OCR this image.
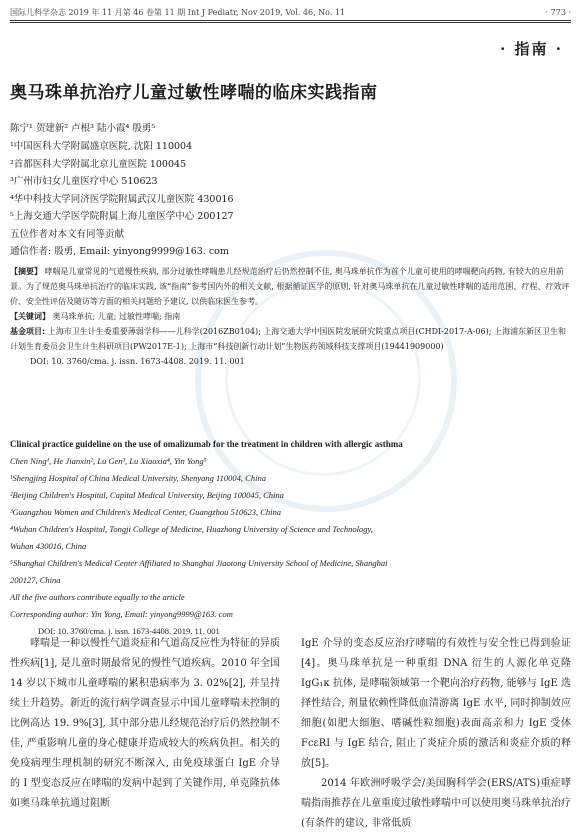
国际儿科学杂志 2019 年 11 月第 46 卷第 11 期 Int J Pediatr, Nov 2019, Vol. 46, No. 11	· 773 ·
· 指南 ·
奥马珠单抗治疗儿童过敏性哮喘的临床实践指南
陈宁¹ 贺建新² 卢根³ 陆小霞⁴ 殷勇⁵
¹中国医科大学附属盛京医院, 沈阳 110004
²首都医科大学附属北京儿童医院 100045
³广州市妇女儿童医疗中心 510623
⁴华中科技大学同济医学院附属武汉儿童医院 430016
⁵上海交通大学医学院附属上海儿童医学中心 200127
五位作者对本文有同等贡献
通信作者: 殷勇, Email: yinyong9999@163. com
【摘要】 哮喘是儿童常见的气道慢性疾病, 部分过敏性哮喘患儿经规范治疗后仍然控制不佳, 奥马珠单抗作为首个儿童可使用的哮喘靶向药物, 有较大的应用前景。为了规范奥马珠单抗治疗的临床实践, 该“指南”参考国内外的相关文献, 根据循证医学的原则, 针对奥马珠单抗在儿童过敏性哮喘的适用范围、疗程、疗效评价、安全性评估及随访等方面的相关问题给予建议, 以供临床医生参考。
【关键词】 奥马珠单抗; 儿童; 过敏性哮喘; 指南
基金项目: 上海市卫生计生委重要薄弱学科——儿科学(2016ZB0104); 上海交通大学中国医院发展研究院重点项目(CHDI-2017-A-06); 上海浦东新区卫生和计划生育委员会卫生计生科研项目(PW2017E-1); 上海市“科技创新行动计划”生物医药领域科技支撑项目(19441909000)
DOI: 10. 3760/cma. j. issn. 1673-4408. 2019. 11. 001
Clinical practice guideline on the use of omalizumab for the treatment in children with allergic asthma
Chen Ning¹, He Jianxin², Lu Gen³, Lu Xiaoxia⁴, Yin Yong⁵
¹Shengjing Hospital of China Medical University, Shenyang 110004, China
²Beijing Children's Hospital, Capital Medical University, Beijing 100045, China
³Guangzhou Women and Children's Medical Center, Guangzhou 510623, China
⁴Wuhan Children's Hospital, Tongji College of Medicine, Huazhong University of Science and Technology,
Wuhan 430016, China
⁵Shanghai Children's Medical Center Affiliated to Shanghai Jiaotong University School of Medicine, Shanghai
200127, China
All the five authors contribute equally to the article
Corresponding author: Yin Yong, Email: yinyong9999@163. com
DOI: 10. 3760/cma. j. issn. 1673-4408. 2019. 11. 001
哮喘是一种以慢性气道炎症和气道高反应性为特征的异质性疾病[1], 是儿童时期最常见的慢性气道疾病。2010 年全国 14 岁以下城市儿童哮喘的累积患病率为 3. 02%[2], 并呈持续上升趋势。新近的流行病学调查显示中国儿童哮喘未控制的比例高达 19. 9%[3], 其中部分患儿经规范治疗后仍然控制不佳, 严重影响儿童的身心健康并造成较大的疾病负担。相关的免疫病理生理机制的研究不断深入, 由免疫球蛋白 IgE 介导的 I 型变态反应在哮喘的发病中起到了关键作用, 单克隆抗体如奥马珠单抗通过阻断
IgE 介导的变态反应治疗哮喘的有效性与安全性已得到验证[4]。奥马珠单抗是一种重组 DNA 衍生的人源化单克隆 IgG₁κ 抗体, 是哮喘领域第一个靶向治疗药物, 能够与 IgE 选择性结合, 剂量依赖性降低血清游离 IgE 水平, 同时抑制效应细胞(如肥大细胞、嗜碱性粒细胞)表面高亲和力 IgE 受体 FcεRI 与 IgE 结合, 阻止了炎症介质的激活和炎症介质的释放[5]。
2014 年欧洲呼吸学会/美国胸科学会(ERS/ATS)重症哮喘指南推荐在儿童重度过敏性哮喘中可以使用奥马珠单抗治疗(有条件的建议, 非常低质
